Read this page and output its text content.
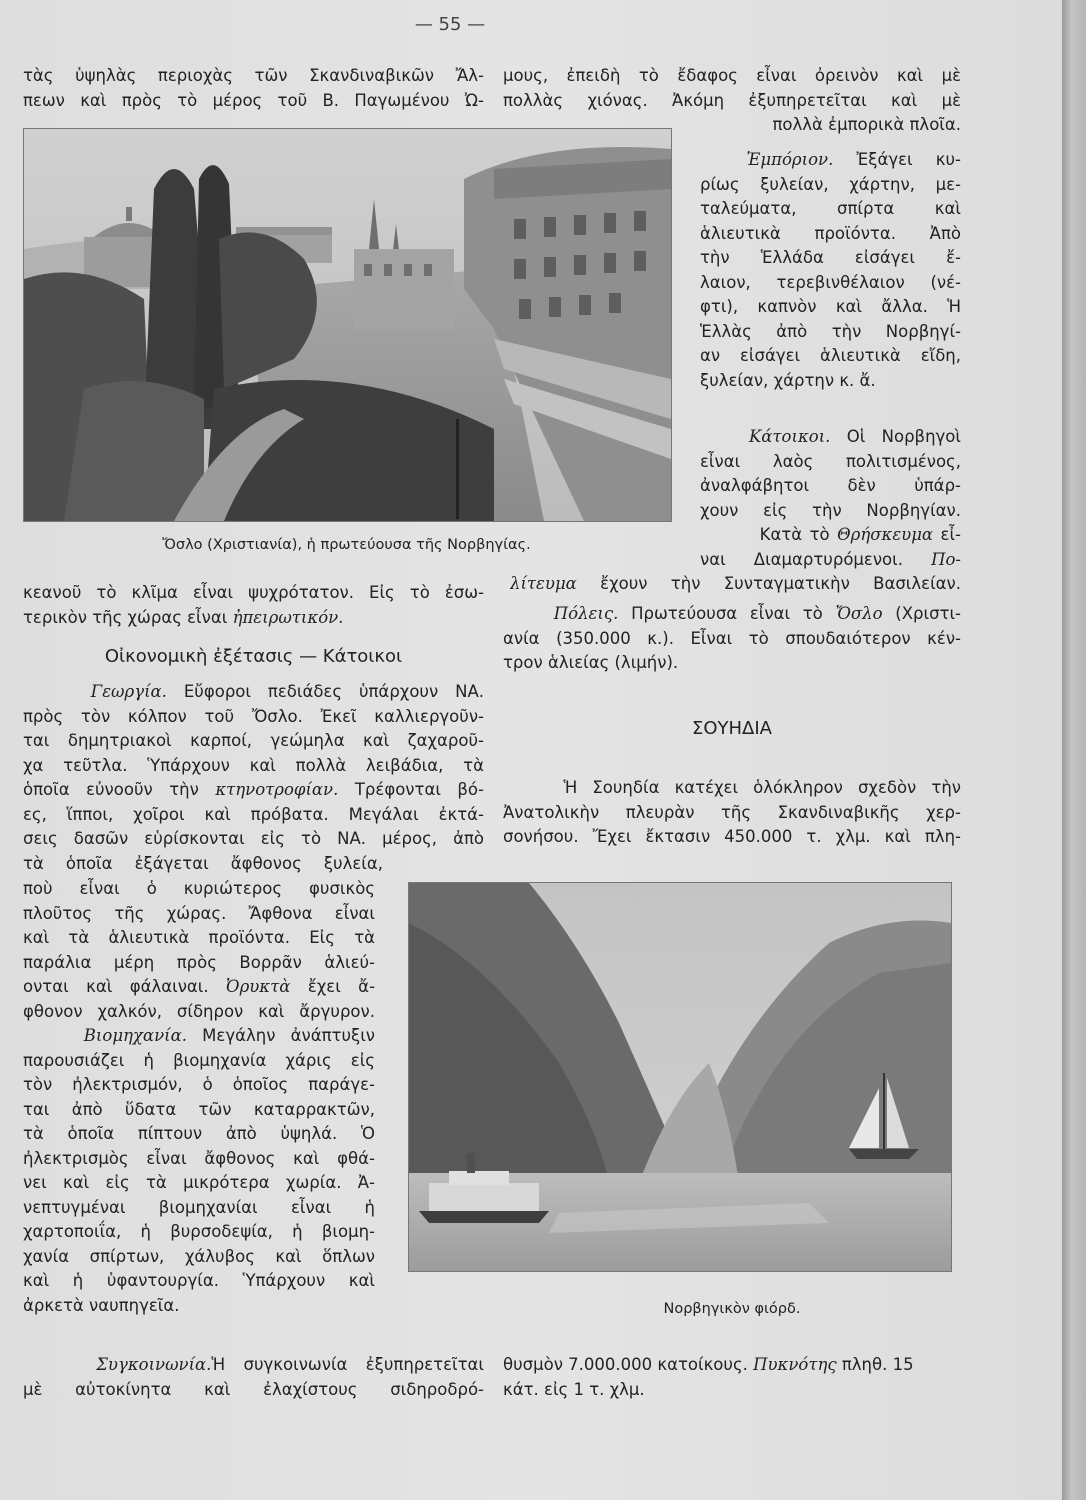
— 55 —
τὰς ὑψηλὰς περιοχὰς τῶν Σκανδιναβικῶν Ἄλ-
πεων καὶ πρὸς τὸ μέρος τοῦ Β. Παγωμένου Ὠ-
μους, ἐπειδὴ τὸ ἔδαφος εἶναι ὀρεινὸν καὶ μὲ
πολλὰς χιόνας. Ἀκόμη ἐξυπηρετεῖται καὶ μὲ
πολλὰ ἐμπορικὰ πλοῖα.
Ἐμπόριον. Ἐξάγει κυ-
ρίως ξυλείαν, χάρτην, με-
ταλεύματα, σπίρτα καὶ
ἁλιευτικὰ προϊόντα. Ἀπὸ
τὴν Ἑλλάδα εἰσάγει ἔ-
λαιον, τερεβινθέλαιον (νέ-
φτι), καπνὸν καὶ ἄλλα. Ἡ
Ἑλλὰς ἀπὸ τὴν Νορβηγί-
αν εἰσάγει ἁλιευτικὰ εἴδη,
ξυλείαν, χάρτην κ. ἄ.
Κάτοικοι. Οἱ Νορβηγοὶ
εἶναι λαὸς πολιτισμένος,
ἀναλφάβητοι δὲν ὑπάρ-
χουν εἰς τὴν Νορβηγίαν.
Κατὰ τὸ Θρήσκευμα εἶ-
ναι Διαμαρτυρόμενοι. Πο-
λίτευμα ἔχουν τὴν Συνταγματικὴν Βασιλείαν.
Ὄσλο (Χριστιανία), ἡ πρωτεύουσα τῆς Νορβηγίας.
Πόλεις. Πρωτεύουσα εἶναι τὸ Ὄσλο (Χριστι-
ανία (350.000 κ.). Εἶναι τὸ σπουδαιότερον κέν-
τρον ἁλιείας (λιμήν).
κεανοῦ τὸ κλῖμα εἶναι ψυχρότατον. Εἰς τὸ ἐσω-
τερικὸν τῆς χώρας εἶναι ἠπειρωτικόν.
Οἰκονομικὴ ἐξέτασις — Κάτοικοι
Γεωργία. Εὔφοροι πεδιάδες ὑπάρχουν ΝΑ.
πρὸς τὸν κόλπον τοῦ Ὄσλο. Ἐκεῖ καλλιεργοῦν-
ται δημητριακοὶ καρποί, γεώμηλα καὶ ζαχαροῦ-
χα τεῦτλα. Ὑπάρχουν καὶ πολλὰ λειβάδια, τὰ
ὁποῖα εὐνοοῦν τὴν κτηνοτροφίαν. Τρέφονται βό-
ες, ἵπποι, χοῖροι καὶ πρόβατα. Μεγάλαι ἐκτά-
σεις δασῶν εὑρίσκονται εἰς τὸ ΝΑ. μέρος, ἀπὸ
τὰ ὁποῖα ἐξάγεται ἄφθονος ξυλεία,
ποὺ εἶναι ὁ κυριώτερος φυσικὸς
πλοῦτος τῆς χώρας. Ἄφθονα εἶναι
καὶ τὰ ἁλιευτικὰ προϊόντα. Εἰς τὰ
παράλια μέρη πρὸς Βορρᾶν ἁλιεύ-
ονται καὶ φάλαιναι. Ὀρυκτὰ ἔχει ἄ-
φθονον χαλκόν, σίδηρον καὶ ἄργυρον.
Βιομηχανία. Μεγάλην ἀνάπτυξιν
παρουσιάζει ἡ βιομηχανία χάρις εἰς
τὸν ἠλεκτρισμόν, ὁ ὁποῖος παράγε-
ται ἀπὸ ὕδατα τῶν καταρρακτῶν,
τὰ ὁποῖα πίπτουν ἀπὸ ὑψηλά. Ὁ
ἠλεκτρισμὸς εἶναι ἄφθονος καὶ φθά-
νει καὶ εἰς τὰ μικρότερα χωρία. Ἀ-
νεπτυγμέναι βιομηχανίαι εἶναι ἡ
χαρτοποιΐα, ἡ βυρσοδεψία, ἡ βιομη-
χανία σπίρτων, χάλυβος καὶ ὅπλων
καὶ ἡ ὑφαντουργία. Ὑπάρχουν καὶ
ἀρκετὰ ναυπηγεῖα.
Συγκοινωνία.Ἡ συγκοινωνία ἐξυπηρετεῖται
μὲ αὐτοκίνητα καὶ ἐλαχίστους σιδηροδρό-
ΣΟΥΗΔΙΑ
Ἡ Σουηδία κατέχει ὁλόκληρον σχεδὸν τὴν
Ἀνατολικὴν πλευρὰν τῆς Σκανδιναβικῆς χερ-
σονήσου. Ἔχει ἔκτασιν 450.000 τ. χλμ. καὶ πλη-
Νορβηγικὸν φιόρδ.
θυσμὸν 7.000.000 κατοίκους. Πυκνότης πληθ. 15
κάτ. εἰς 1 τ. χλμ.
